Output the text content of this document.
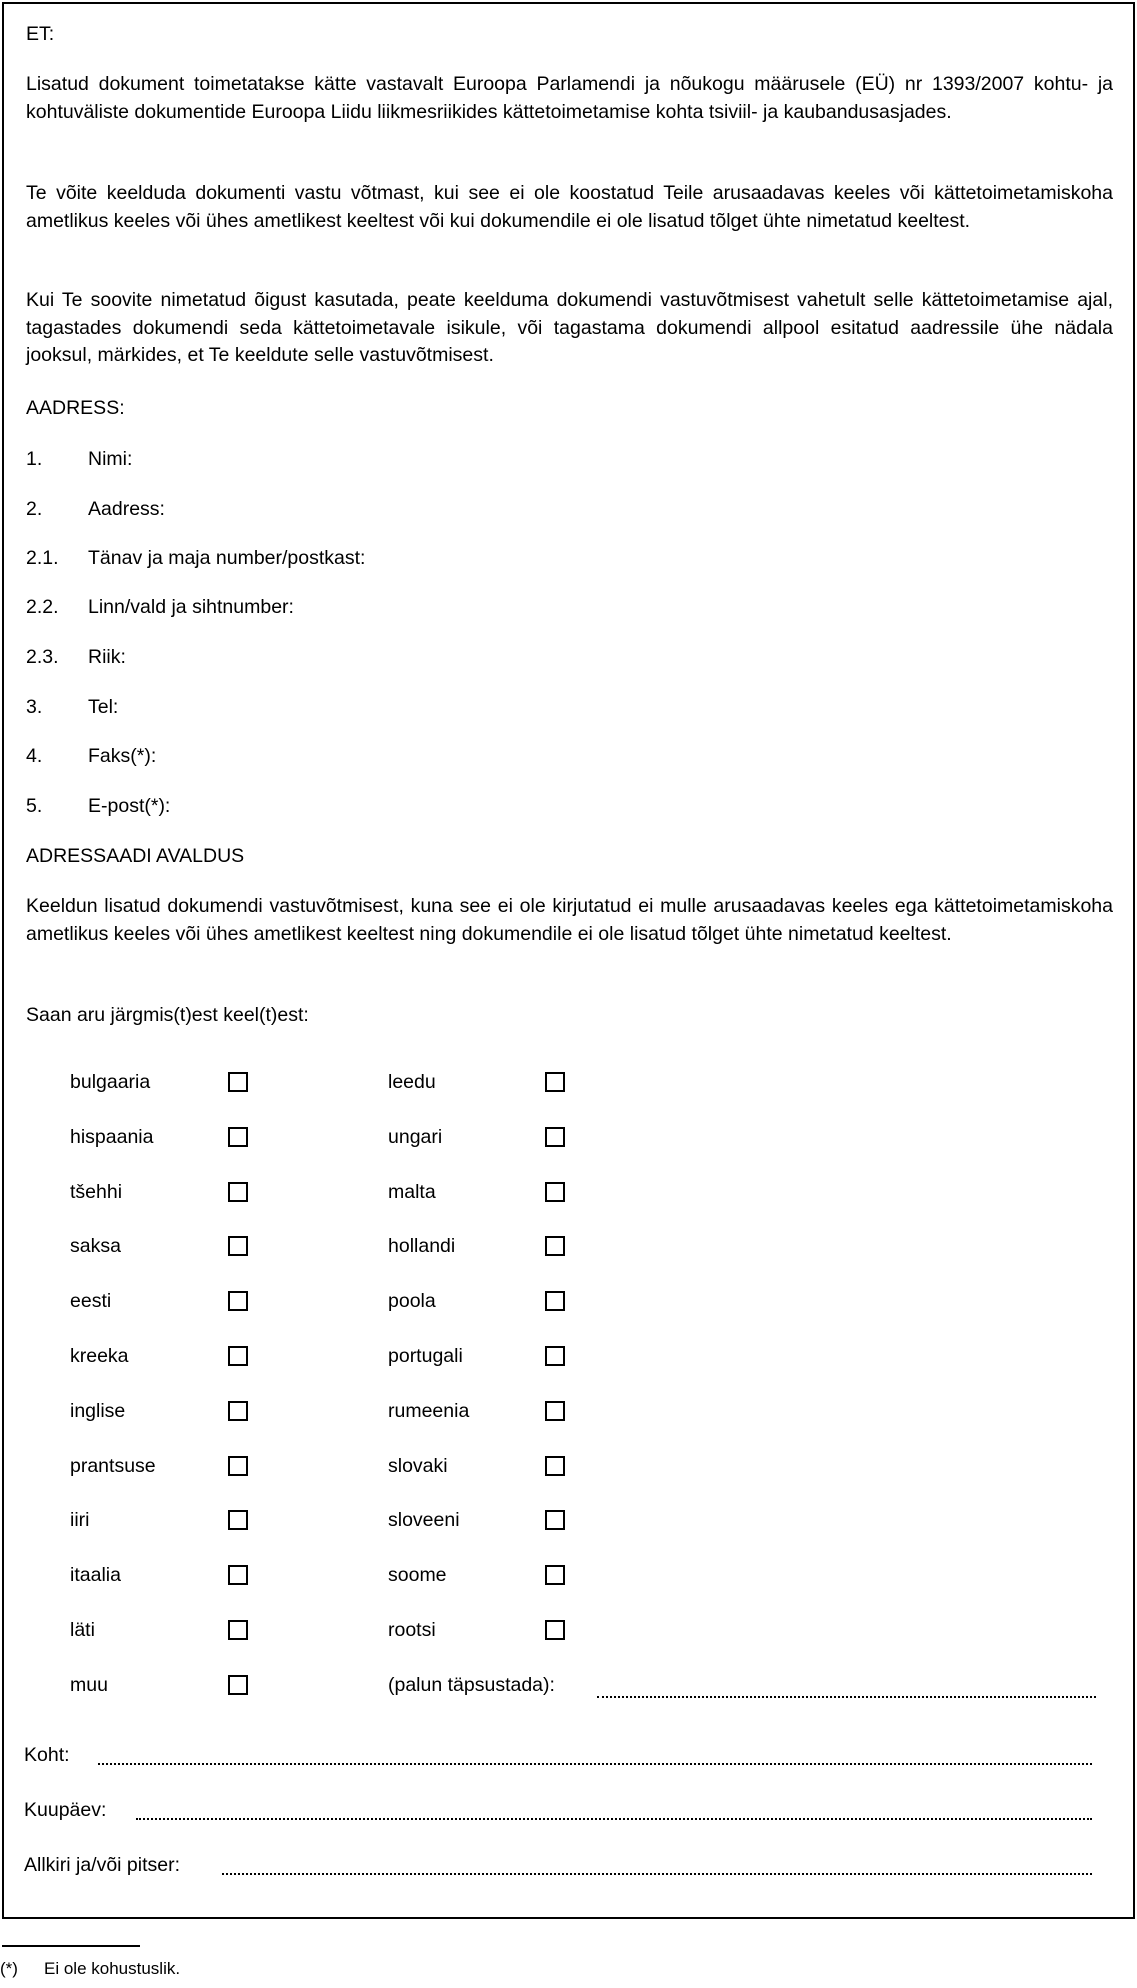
ET:
Lisatud dokument toimetatakse kätte vastavalt Euroopa Parlamendi ja nõukogu määrusele (EÜ) nr 1393/2007 kohtu- ja kohtuväliste dokumentide Euroopa Liidu liikmesriikides kättetoimetamise kohta tsiviil- ja kaubandusasjades.
Te võite keelduda dokumenti vastu võtmast, kui see ei ole koostatud Teile arusaadavas keeles või kättetoimetamiskoha ametlikus keeles või ühes ametlikest keeltest või kui dokumendile ei ole lisatud tõlget ühte nimetatud keeltest.
Kui Te soovite nimetatud õigust kasutada, peate keelduma dokumendi vastuvõtmisest vahetult selle kättetoimetamise ajal, tagastades dokumendi seda kättetoimetavale isikule, või tagastama dokumendi allpool esitatud aadressile ühe nädala jooksul, märkides, et Te keeldute selle vastuvõtmisest.
AADRESS:
1. Nimi:
2. Aadress:
2.1. Tänav ja maja number/postkast:
2.2. Linn/vald ja sihtnumber:
2.3. Riik:
3. Tel:
4. Faks(*):
5. E-post(*):
ADRESSAADI AVALDUS
Keeldun lisatud dokumendi vastuvõtmisest, kuna see ei ole kirjutatud ei mulle arusaadavas keeles ega kättetoimetamiskoha ametlikus keeles või ühes ametlikest keeltest ning dokumendile ei ole lisatud tõlget ühte nimetatud keeltest.
Saan aru järgmis(t)est keel(t)est:
bulgaaria	leedu
hispaania	ungari
tšehhi	malta
saksa	hollandi
eesti	poola
kreeka	portugali
inglise	rumeenia
prantsuse	slovaki
iiri	sloveeni
itaalia	soome
läti	rootsi
muu	(palun täpsustada):
Koht:
Kuupäev:
Allkiri ja/või pitser:
(*) Ei ole kohustuslik.
